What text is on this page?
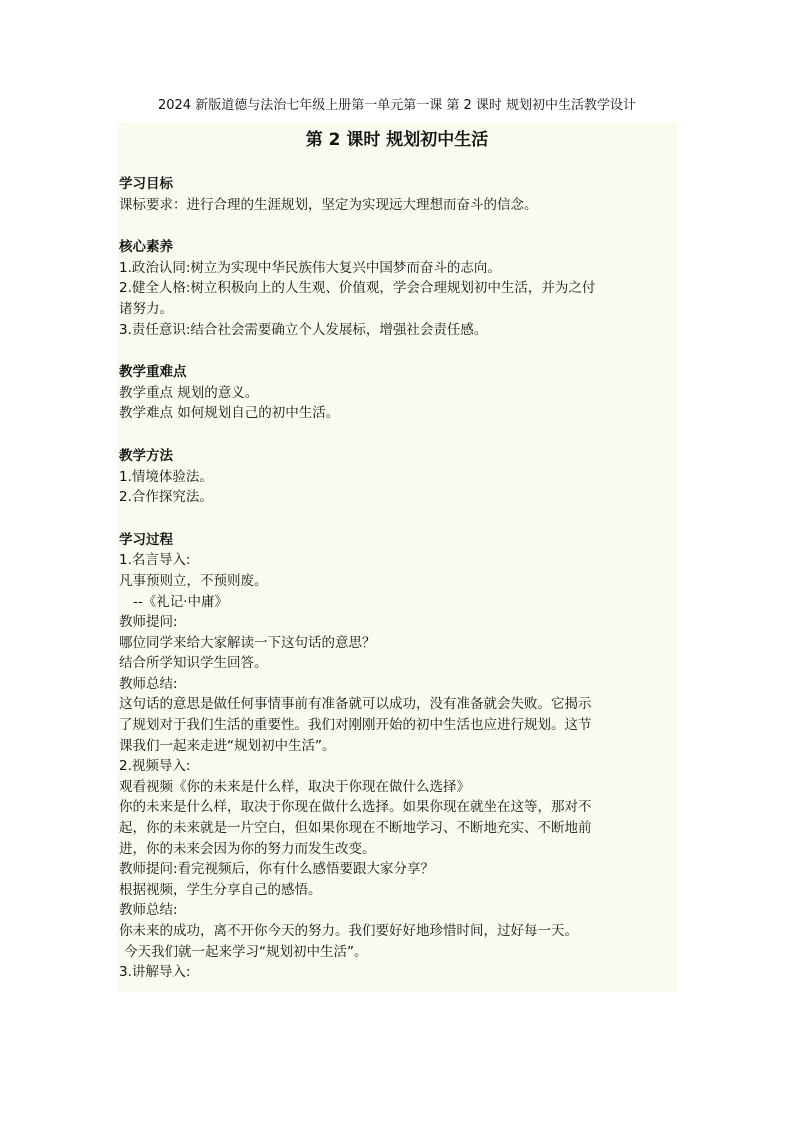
2024 新版道德与法治七年级上册第一单元第一课 第 2 课时 规划初中生活教学设计
第 2 课时 规划初中生活
学习目标
课标要求：进行合理的生涯规划，坚定为实现远大理想而奋斗的信念。
核心素养
1.政治认同:树立为实现中华民族伟大复兴中国梦而奋斗的志向。
2.健全人格:树立积极向上的人生观、价值观，学会合理规划初中生活，并为之付
诸努力。
3.责任意识:结合社会需要确立个人发展标，增强社会责任感。
教学重难点
教学重点 规划的意义。
教学难点 如何规划自己的初中生活。
教学方法
1.情境体验法。
2.合作探究法。
学习过程
1.名言导入:
凡事预则立，不预则废。
--《礼记·中庸》
教师提问:
哪位同学来给大家解读一下这句话的意思？
结合所学知识学生回答。
教师总结:
这句话的意思是做任何事情事前有准备就可以成功，没有准备就会失败。它揭示
了规划对于我们生活的重要性。我们对刚刚开始的初中生活也应进行规划。这节
课我们一起来走进“规划初中生活”。
2.视频导入:
观看视频《你的未来是什么样，取决于你现在做什么选择》
你的未来是什么样，取决于你现在做什么选择。如果你现在就坐在这等，那对不
起，你的未来就是一片空白，但如果你现在不断地学习、不断地充实、不断地前
进，你的未来会因为你的努力而发生改变。
教师提问:看完视频后，你有什么感悟要跟大家分享？
根据视频，学生分享自己的感悟。
教师总结:
你未来的成功，离不开你今天的努力。我们要好好地珍惜时间，过好每一天。
今天我们就一起来学习“规划初中生活”。
3.讲解导入:
